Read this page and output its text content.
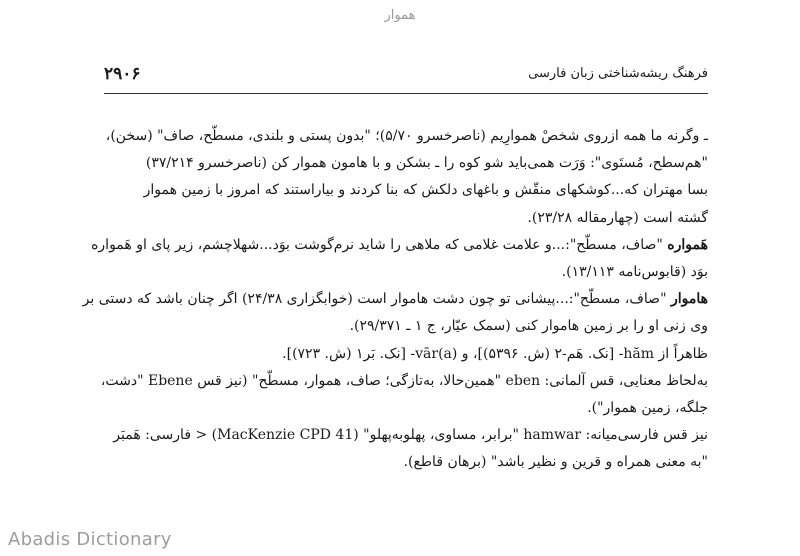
هموار
۲۹۰۶	فرهنگ ریشه‌شناختی زبان فارسی
ـ وگرنه ما همه ازروی شخصْ هموارِیم (ناصرخسرو ۵/۷۰)؛ "بدون پستی و بلندی، مسطّح، صاف" (سخن)،
"هم‌سطح، مُستَوی": وَرَت همی‌باید شو کوه را ـ بشکن و با هامون هموار کن (ناصرخسرو ۳۷/۲۱۴)
بسا مهتران که...کوشکهای منقّش و باغهای دلکش که بنا کردند و بیاراستند که امروز با زمین هموار
گشته است (چهارمقاله ۲۳/۲۸).
هَمواره "صاف، مسطّح":...و علامت غلامی که ملاهی را شاید نرم‌گوشت بوَد...شهلاچشم، زیر پای او هَمواره
بوَد (قابوس‌نامه ۱۳/۱۱۳).
هاموار "صاف، مسطّح":...پیشانی تو چون دشت هاموار است (خوابگزاری ۲۴/۳۸) اگر چنان باشد که دستی بر
وی زنی او را بر زمین هاموار کنی (سمک عیّار، ج ۱ ـ ۲۹/۳۷۱).
ظاهراً از ‎-hăm‎ [نک. هَم-٢ (ش. ۵۳۹۶)]، و ‎-vār(a)‎ [نک. بَر١ (ش. ۷۲۳)].
به‌لحاظ معنایی، قس آلمانی: ‎eben‎ "همین‌حالا، به‌تازگی؛ صاف، هموار، مسطّح" (نیز قس ‎Ebene‎ "دشت،
جلگه، زمین هموار").
نیز قس فارسی‌میانه: ‎hamwar‎ "برابر، مساوی، پهلوبه‌پهلو" (‎MacKenzie CPD 41‎) < فارسی: هَمبَر
"به معنی همراه و قرین و نظیر باشد" (برهان قاطع).
Abadis Dictionary
